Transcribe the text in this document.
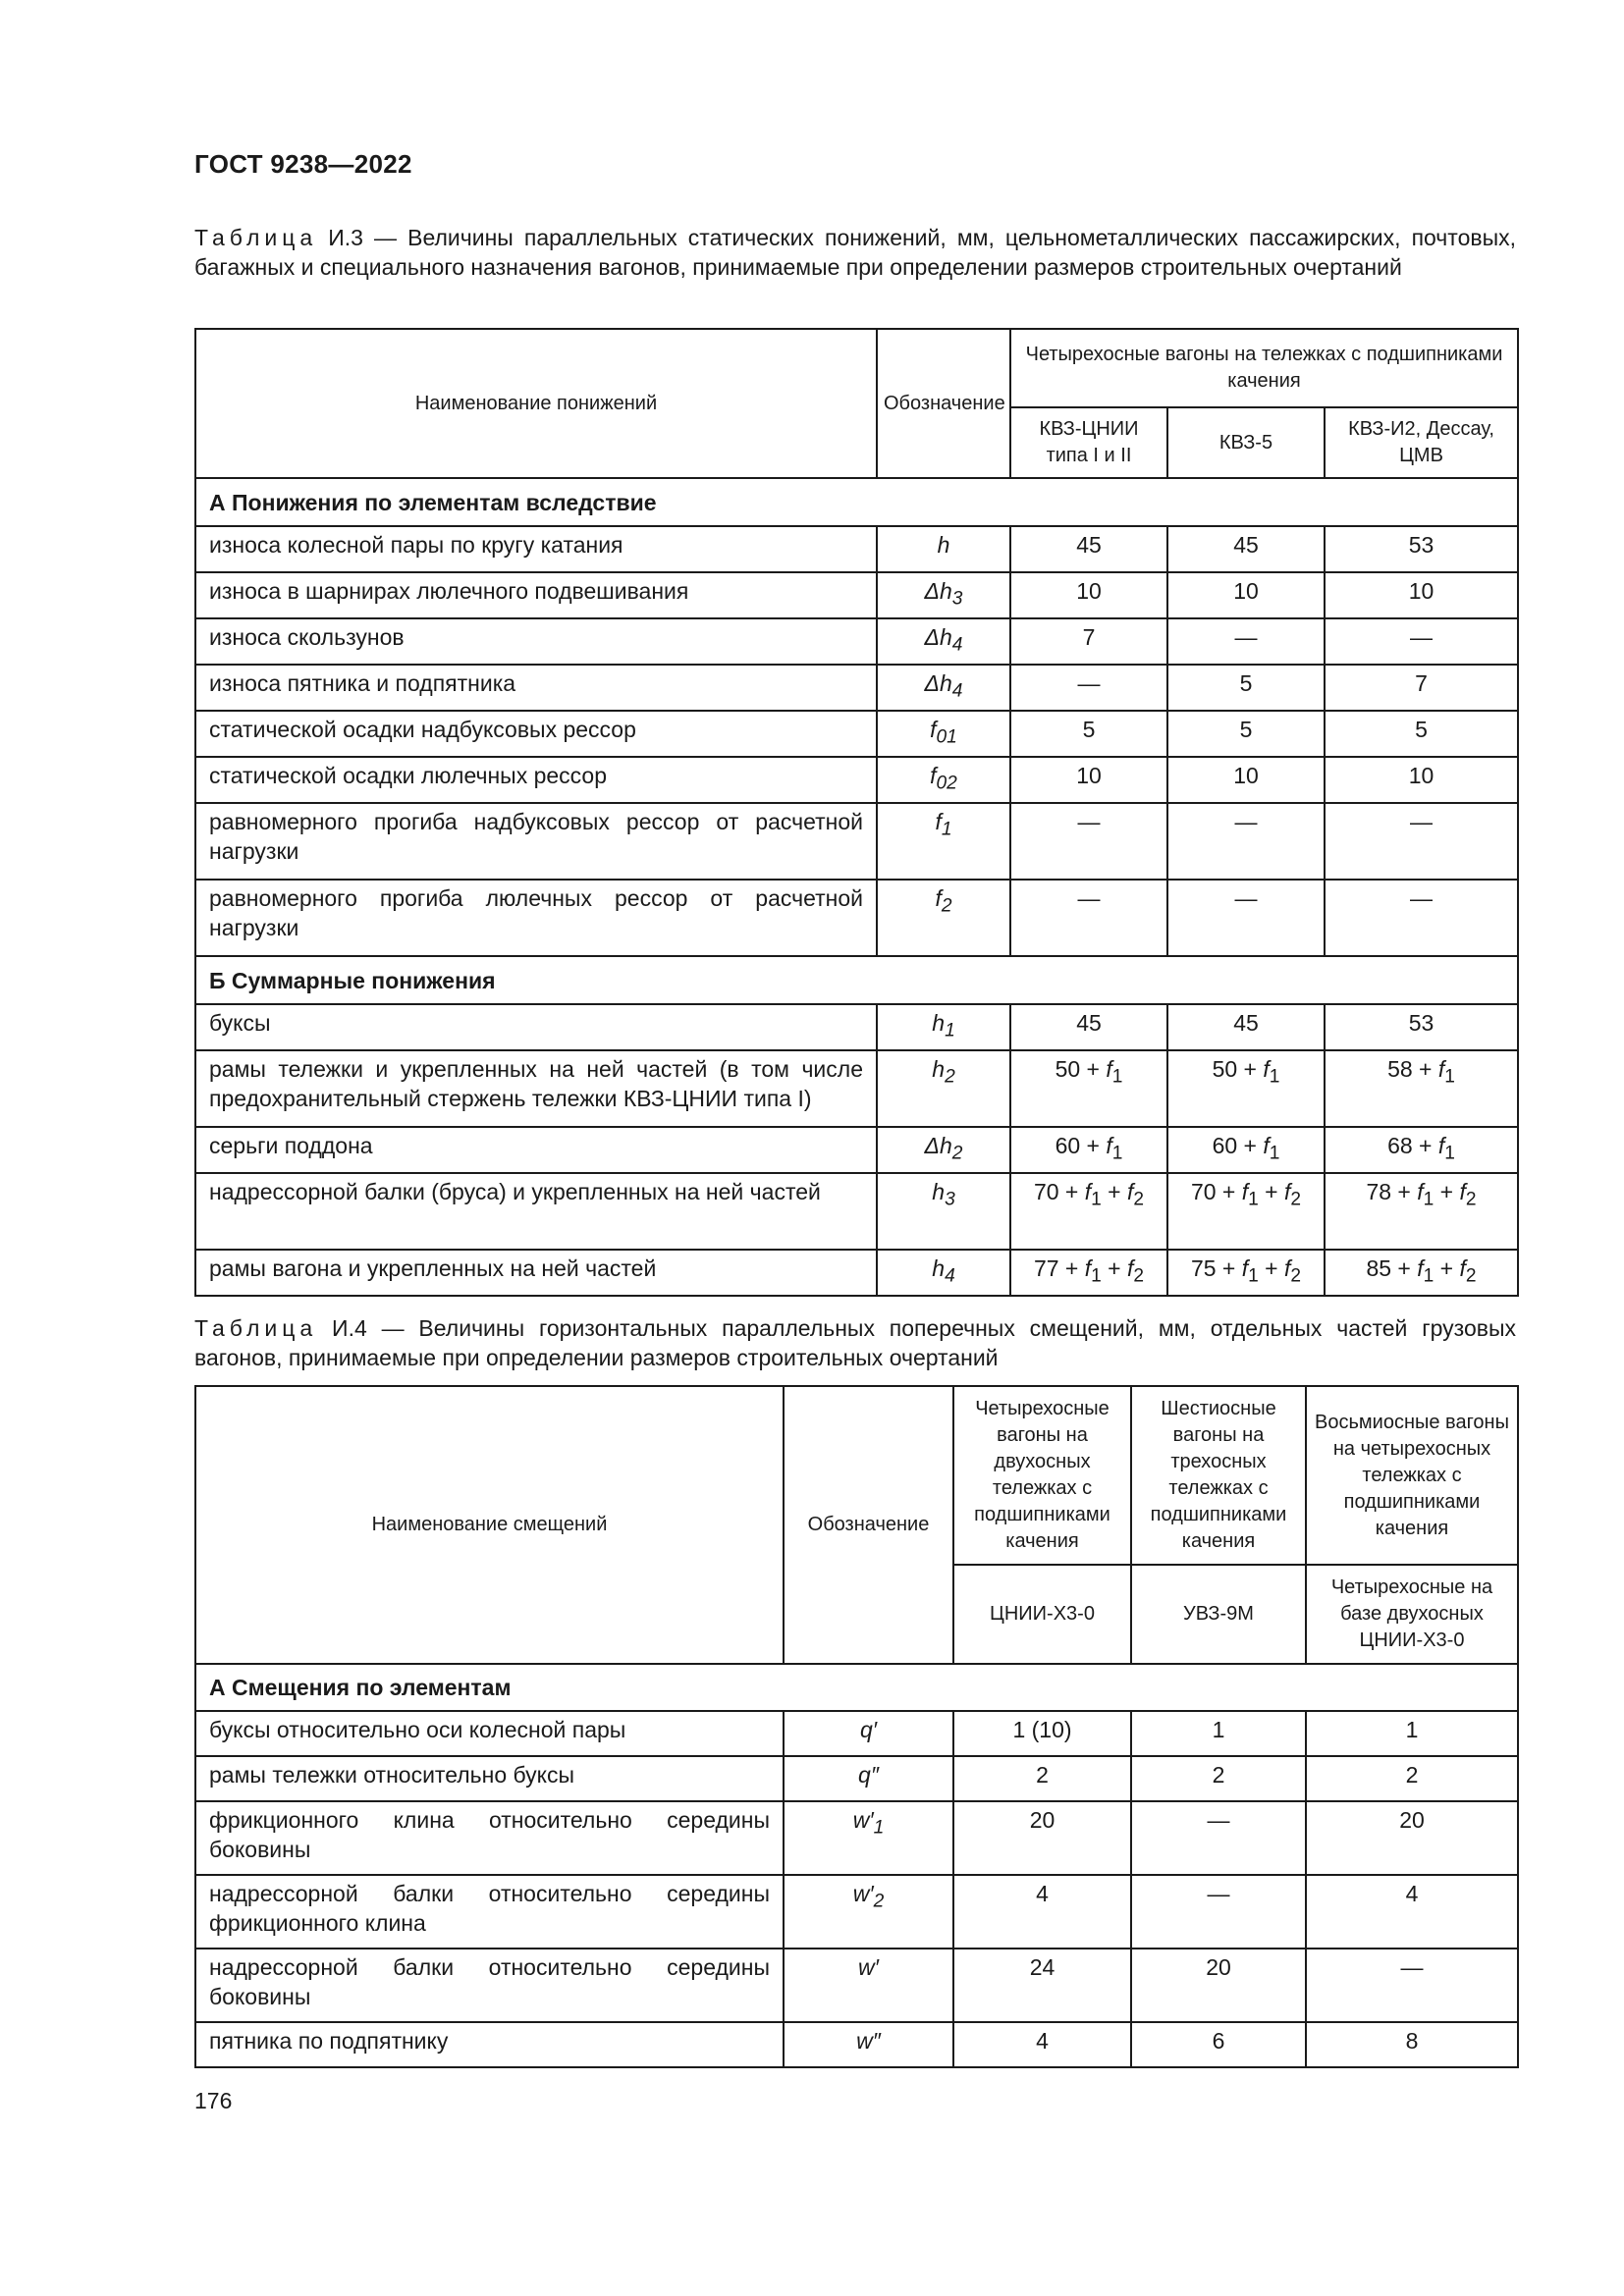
ГОСТ 9238—2022
Таблица И.3 — Величины параллельных статических понижений, мм, цельнометаллических пассажирских, почтовых, багажных и специального назначения вагонов, принимаемые при определении размеров строительных очертаний
Наименование понижений	Обозначение	Четырехосные вагоны на тележках с подшипниками качения		
		КВЗ-ЦНИИ типа I и II	КВЗ-5	КВЗ-И2, Дессау, ЦМВ
А Понижения по элементам вследствие				
износа колесной пары по кругу катания	h	45	45	53
износа в шарнирах люлечного подвешивания	$\Delta h_3$	10	10	10
износа скользунов	$\Delta h_4$	7	—	—
износа пятника и подпятника	$\Delta h_4$	—	5	7
статической осадки надбуксовых рессор	$f_{01}$	5	5	5
статической осадки люлечных рессор	$f_{02}$	10	10	10
равномерного прогиба надбуксовых рессор от расчетной нагрузки	$f_1$	—	—	—
равномерного прогиба люлечных рессор от расчетной нагрузки	$f_2$	—	—	—
Б Суммарные понижения				
буксы	$h_1$	45	45	53
рамы тележки и укрепленных на ней частей (в том числе предохранительный стержень тележки КВЗ-ЦНИИ типа I)	$h_2$	$50 + f_1$	$50 + f_1$	$58 + f_1$
серьги поддона	$\Delta h_2$	$60 + f_1$	$60 + f_1$	$68 + f_1$
надрессорной балки (бруса) и укрепленных на ней частей	$h_3$	$70 + f_1 + f_2$	$70 + f_1 + f_2$	$78 + f_1 + f_2$
рамы вагона и укрепленных на ней частей	$h_4$	$77 + f_1 + f_2$	$75 + f_1 + f_2$	$85 + f_1 + f_2$
Таблица И.4 — Величины горизонтальных параллельных поперечных смещений, мм, отдельных частей грузовых вагонов, принимаемые при определении размеров строительных очертаний
Наименование смещений	Обозначение	Четырехосные вагоны на двухосных тележках с подшипниками качения	Шестиосные вагоны на трехосных тележках с подшипниками качения	Восьмиосные вагоны на четырехосных тележках с подшипниками качения
		ЦНИИ-Х3-0	УВЗ-9М	Четырехосные на базе двухосных ЦНИИ-Х3-0
А Смещения по элементам				
буксы относительно оси колесной пары	q′	1 (10)	1	1
рамы тележки относительно буксы	q″	2	2	2
фрикционного клина относительно середины боковины	$w'_1$	20	—	20
надрессорной балки относительно середины фрикционного клина	$w'_2$	4	—	4
надрессорной балки относительно середины боковины	w′	24	20	—
пятника по подпятнику	w″	4	6	8
176
